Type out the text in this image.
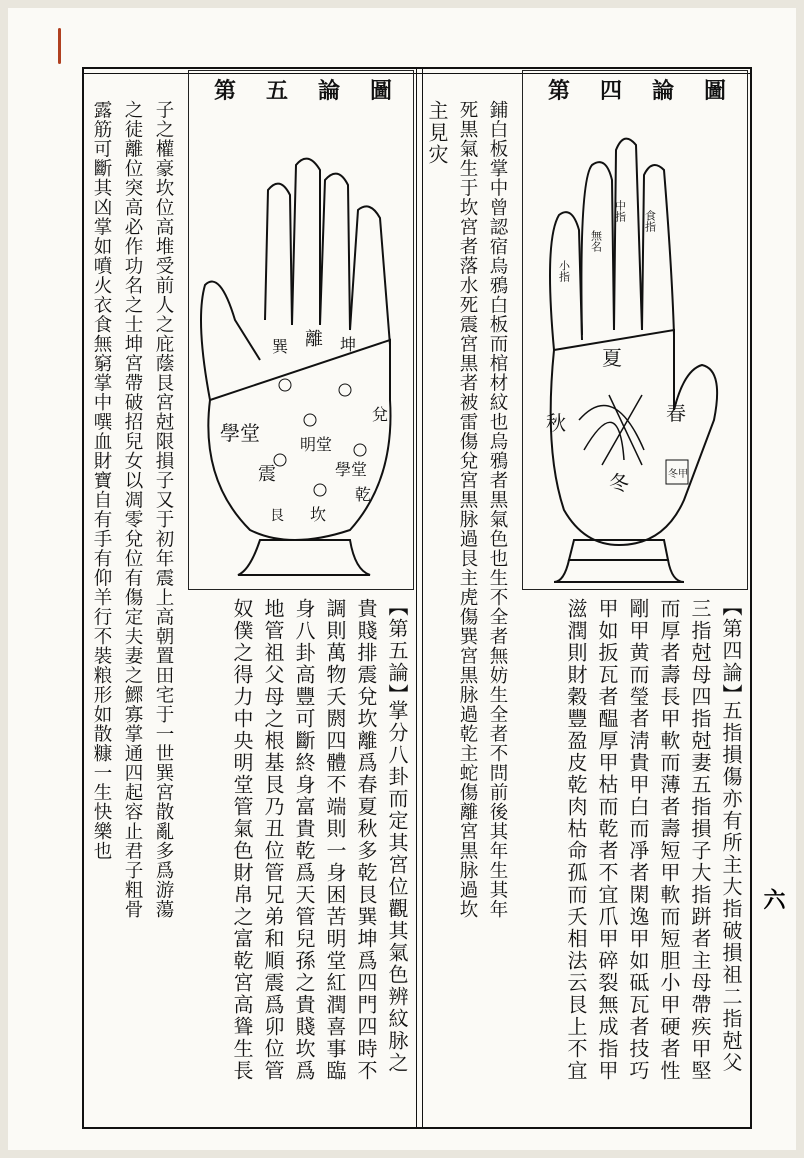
六
第四論圖
夏
秋	春
冬	冬甲
中指
無名
小指
食指
【第四論】
五指損傷亦有所主大指破損祖二指尅父
三指尅母四指尅妻五指損子大指跰者主母帶疾甲堅
而厚者壽長甲軟而薄者壽短甲軟而短胆小甲硬者性
剛甲黄而瑩者淸貴甲白而凈者閑逸甲如砥瓦者技巧
甲如扳瓦者醖厚甲枯而乾者不宜爪甲碎裂無成指甲
滋潤則財穀豐盈皮乾肉枯命孤而夭相法云艮上不宜
鋪白板掌中曾認宿烏鴉白板而棺材紋也烏鴉者黒氣色也生不全者無妨生全者不問前後其年生其年
死黒氣生于坎宮者落水死震宮黒者被雷傷兌宮黒脉過艮主虎傷巽宮黒脉過乾主蛇傷離宮黒脉過坎
主見灾
第五論圖
離 坤
巽
兌
明堂
震
乾
坎
艮
學堂
學堂
【第五論】
掌分八卦而定其宮位觀其氣色辨紋脉之
貴賤排震兌坎離爲春夏秋多乾艮巽坤爲四門四時不
調則萬物夭閼四體不端則一身困苦明堂紅潤喜事臨
身八卦高豐可斷終身富貴乾爲天管兒孫之貴賤坎爲
地管祖父母之根基艮乃丑位管兄弟和順震爲卯位管
奴僕之得力中央明堂管氣色財帛之富乾宮高聳生長
子之權豪坎位高堆受前人之庇蔭艮宮尅限損子又于初年震上高朝置田宅于一世巽宮散亂多爲游蕩
之徒離位突高必作功名之士坤宮帶破招兒女以凋零兌位有傷定夫妻之鰥寡掌通四起容止君子粗骨
露筋可斷其凶掌如噴火衣食無窮掌中噀血財寶自有手有仰羊行不裝粮形如散糠一生快樂也
